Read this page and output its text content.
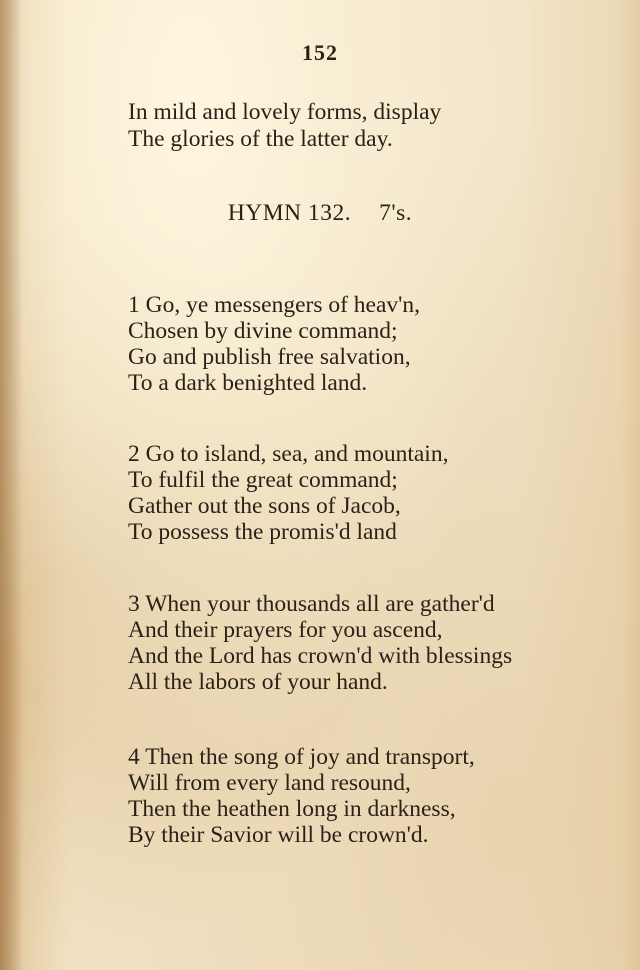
152
In mild and lovely forms, display
The glories of the latter day.
HYMN 132. 7's.
1 Go, ye messengers of heav'n,
Chosen by divine command;
Go and publish free salvation,
To a dark benighted land.
2 Go to island, sea, and mountain,
To fulfil the great command;
Gather out the sons of Jacob,
To possess the promis'd land
3 When your thousands all are gather'd
And their prayers for you ascend,
And the Lord has crown'd with blessings
All the labors of your hand.
4 Then the song of joy and transport,
Will from every land resound,
Then the heathen long in darkness,
By their Savior will be crown'd.
